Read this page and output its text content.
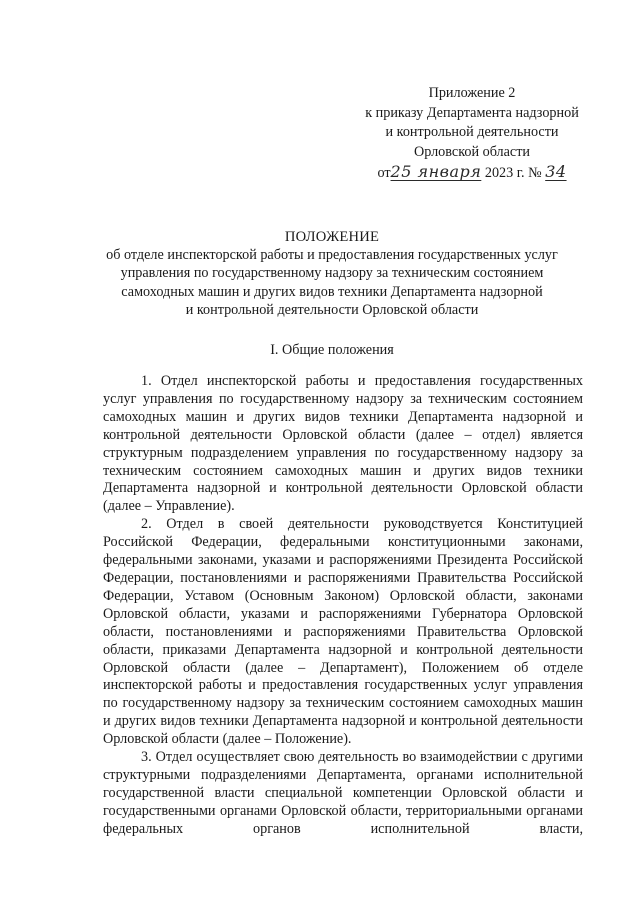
Приложение 2
к приказу Департамента надзорной
и контрольной деятельности
Орловской области
от25 января 2023 г. № 34
ПОЛОЖЕНИЕ
об отделе инспекторской работы и предоставления государственных услуг
управления по государственному надзору за техническим состоянием
самоходных машин и других видов техники Департамента надзорной
и контрольной деятельности Орловской области
I. Общие положения

1. Отдел инспекторской работы и предоставления государственных услуг управления по государственному надзору за техническим состоянием самоходных машин и других видов техники Департамента надзорной и контрольной деятельности Орловской области (далее – отдел) является структурным подразделением управления по государственному надзору за техническим состоянием самоходных машин и других видов техники Департамента надзорной и контрольной деятельности Орловской области (далее – Управление).

2. Отдел в своей деятельности руководствуется Конституцией Российской Федерации, федеральными конституционными законами, федеральными законами, указами и распоряжениями Президента Российской Федерации, постановлениями и распоряжениями Правительства Российской Федерации, Уставом (Основным Законом) Орловской области, законами Орловской области, указами и распоряжениями Губернатора Орловской области, постановлениями и распоряжениями Правительства Орловской области, приказами Департамента надзорной и контрольной деятельности Орловской области (далее – Департамент), Положением об отделе инспекторской работы и предоставления государственных услуг управления по государственному надзору за техническим состоянием самоходных машин и других видов техники Департамента надзорной и контрольной деятельности Орловской области (далее – Положение).

3. Отдел осуществляет свою деятельность во взаимодействии с другими структурными подразделениями Департамента, органами исполнительной государственной власти специальной компетенции Орловской области и государственными органами Орловской области, территориальными органами федеральных органов исполнительной власти,
